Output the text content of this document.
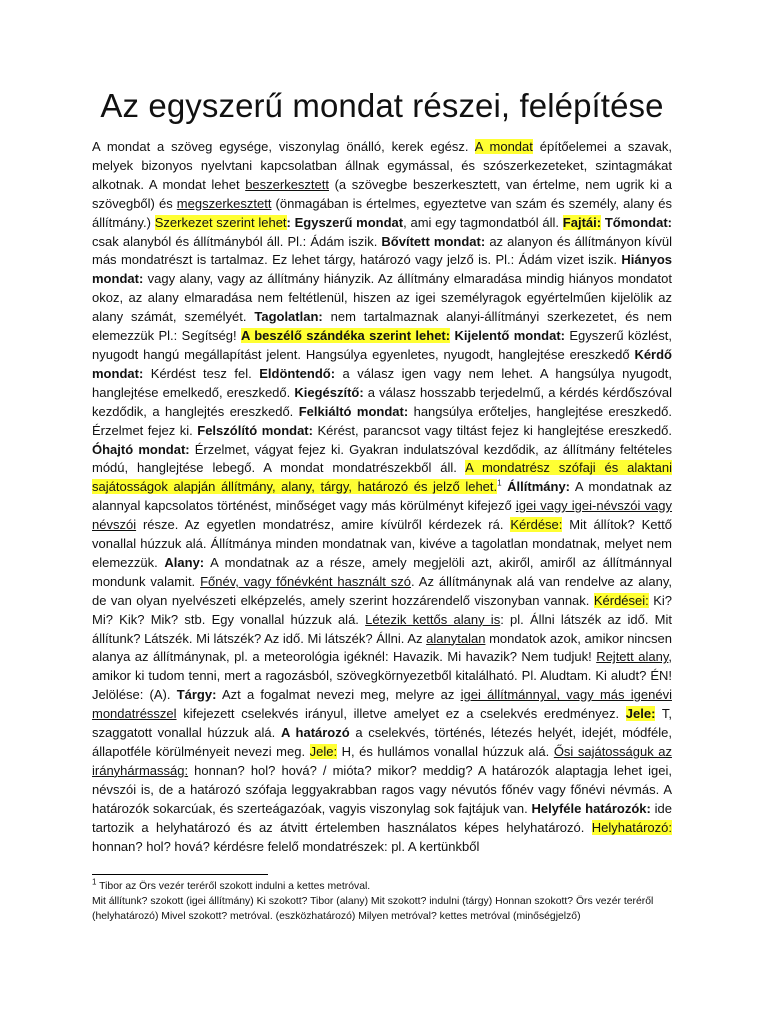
Az egyszerű mondat részei, felépítése
A mondat a szöveg egysége, viszonylag önálló, kerek egész. A mondat építőelemei a szavak, melyek bizonyos nyelvtani kapcsolatban állnak egymással, és szószerkezeteket, szintagmákat alkotnak. A mondat lehet beszerkesztett (a szövegbe beszerkesztett, van értelme, nem ugrik ki a szövegből) és megszerkesztett (önmagában is értelmes, egyeztetve van szám és személy, alany és állítmány.) Szerkezet szerint lehet: Egyszerű mondat, ami egy tagmondatból áll. Fajtái: Tőmondat: csak alanyból és állítmányból áll. Pl.: Ádám iszik. Bővített mondat: az alanyon és állítmányon kívül más mondatrészt is tartalmaz. Ez lehet tárgy, határozó vagy jelző is. Pl.: Ádám vizet iszik. Hiányos mondat: vagy alany, vagy az állítmány hiányzik. Az állítmány elmaradása mindig hiányos mondatot okoz, az alany elmaradása nem feltétlenül, hiszen az igei személyragok egyértelműen kijelölik az alany számát, személyét. Tagolatlan: nem tartalmaznak alanyi-állítmányi szerkezetet, és nem elemezzük Pl.: Segítség! A beszélő szándéka szerint lehet: Kijelentő mondat: Egyszerű közlést, nyugodt hangú megállapítást jelent. Hangsúlya egyenletes, nyugodt, hanglejtése ereszkedő Kérdő mondat: Kérdést tesz fel. Eldöntendő: a válasz igen vagy nem lehet. A hangsúlya nyugodt, hanglejtése emelkedő, ereszkedő. Kiegészítő: a válasz hosszabb terjedelmű, a kérdés kérdőszóval kezdődik, a hanglejtés ereszkedő. Felkiáltó mondat: hangsúlya erőteljes, hanglejtése ereszkedő. Érzelmet fejez ki. Felszólító mondat: Kérést, parancsot vagy tiltást fejez ki hanglejtése ereszkedő. Óhajtó mondat: Érzelmet, vágyat fejez ki. Gyakran indulatszóval kezdődik, az állítmány feltételes módú, hanglejtése lebegő. A mondat mondatrészekből áll. A mondatrész szófaji és alaktani sajátosságok alapján állítmány, alany, tárgy, határozó és jelző lehet.$^1$ Állítmány: A mondatnak az alannyal kapcsolatos történést, minőséget vagy más körülményt kifejező igei vagy igei-névszói vagy névszói része. Az egyetlen mondatrész, amire kívülről kérdezek rá. Kérdése: Mit állítok? Kettő vonallal húzzuk alá. Állítmánya minden mondatnak van, kivéve a tagolatlan mondatnak, melyet nem elemezzük. Alany: A mondatnak az a része, amely megjelöli azt, akiről, amiről az állítmánnyal mondunk valamit. Főnév, vagy főnévként használt szó. Az állítmánynak alá van rendelve az alany, de van olyan nyelvészeti elképzelés, amely szerint hozzárendelő viszonyban vannak. Kérdései: Ki? Mi? Kik? Mik? stb. Egy vonallal húzzuk alá. Létezik kettős alany is: pl. Állni látszék az idő. Mit állítunk? Látszék. Mi látszék? Az idő. Mi látszék? Állni. Az alanytalan mondatok azok, amikor nincsen alanya az állítmánynak, pl. a meteorológia igéknél: Havazik. Mi havazik? Nem tudjuk! Rejtett alany, amikor ki tudom tenni, mert a ragozásból, szövegkörnyezetből kitalálható. Pl. Aludtam. Ki aludt? ÉN! Jelölése: (A). Tárgy: Azt a fogalmat nevezi meg, melyre az igei állítmánnyal, vagy más igenévi mondatrésszel kifejezett cselekvés irányul, illetve amelyet ez a cselekvés eredményez. Jele: T, szaggatott vonallal húzzuk alá. A határozó a cselekvés, történés, létezés helyét, idejét, módféle, állapotféle körülményeit nevezi meg. Jele: H, és hullámos vonallal húzzuk alá. Ősi sajátosságuk az irányhármasság: honnan? hol? hová? / mióta? mikor? meddig? A határozók alaptagja lehet igei, névszói is, de a határozó szófaja leggyakrabban ragos vagy névutós főnév vagy főnévi névmás. A határozók sokarcúak, és szerteágazóak, vagyis viszonylag sok fajtájuk van. Helyféle határozók: ide tartozik a helyhatározó és az átvitt értelemben használatos képes helyhatározó. Helyhatározó: honnan? hol? hová? kérdésre felelő mondatrészek: pl. A kertünkből
$^1$ Tibor az Örs vezér teréről szokott indulni a kettes metróval.
Mit állítunk? szokott (igei állítmány) Ki szokott? Tibor (alany) Mit szokott? indulni (tárgy) Honnan szokott? Örs vezér teréről (helyhatározó) Mivel szokott? metróval. (eszközhatározó) Milyen metróval? kettes metróval (minőségjelző)
